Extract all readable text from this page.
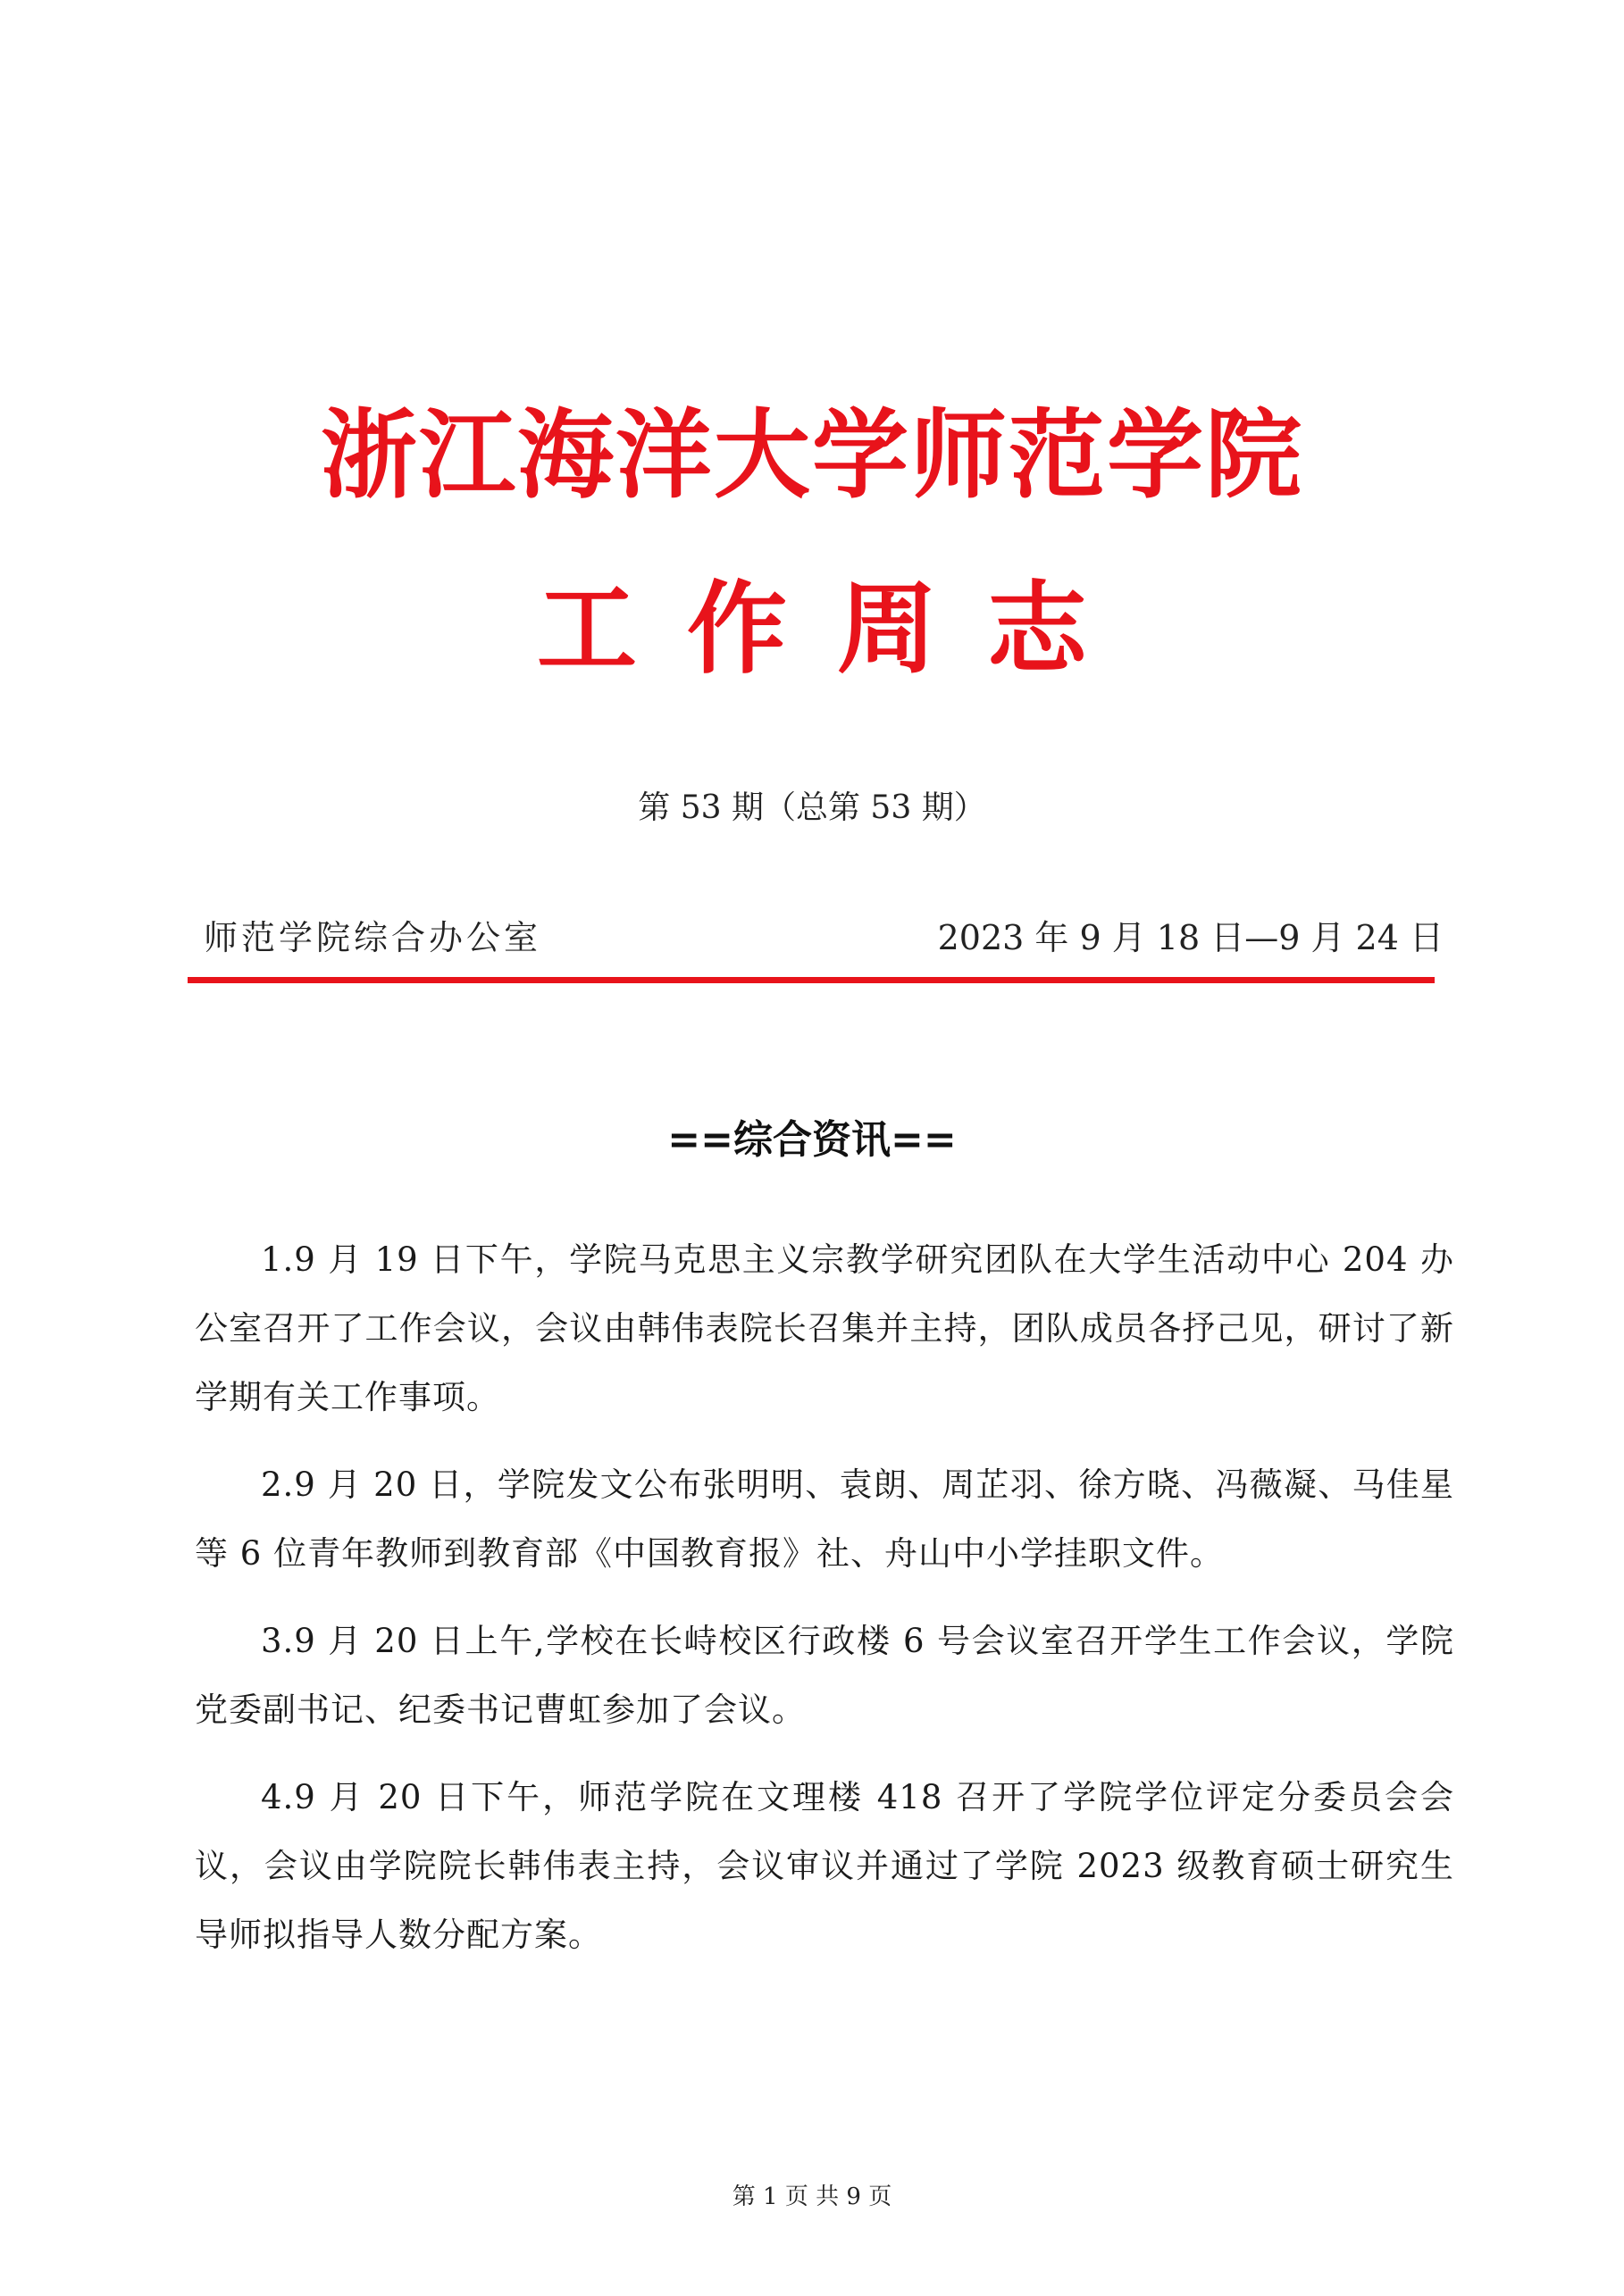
浙江海洋大学师范学院
工作周志
第 53 期（总第 53 期）
师范学院综合办公室	2023 年 9 月 18 日—9 月 24 日
==综合资讯==

1.9 月 19 日下午，学院马克思主义宗教学研究团队在大学生活动中心 204 办公室召开了工作会议，会议由韩伟表院长召集并主持，团队成员各抒己见，研讨了新学期有关工作事项。

2.9 月 20 日，学院发文公布张明明、袁朗、周芷羽、徐方晓、冯薇凝、马佳星等 6 位青年教师到教育部《中国教育报》社、舟山中小学挂职文件。

3.9 月 20 日上午,学校在长峙校区行政楼 6 号会议室召开学生工作会议，学院党委副书记、纪委书记曹虹参加了会议。

4.9 月 20 日下午，师范学院在文理楼 418 召开了学院学位评定分委员会会议，会议由学院院长韩伟表主持，会议审议并通过了学院 2023 级教育硕士研究生导师拟指导人数分配方案。

第 1 页 共 9 页
